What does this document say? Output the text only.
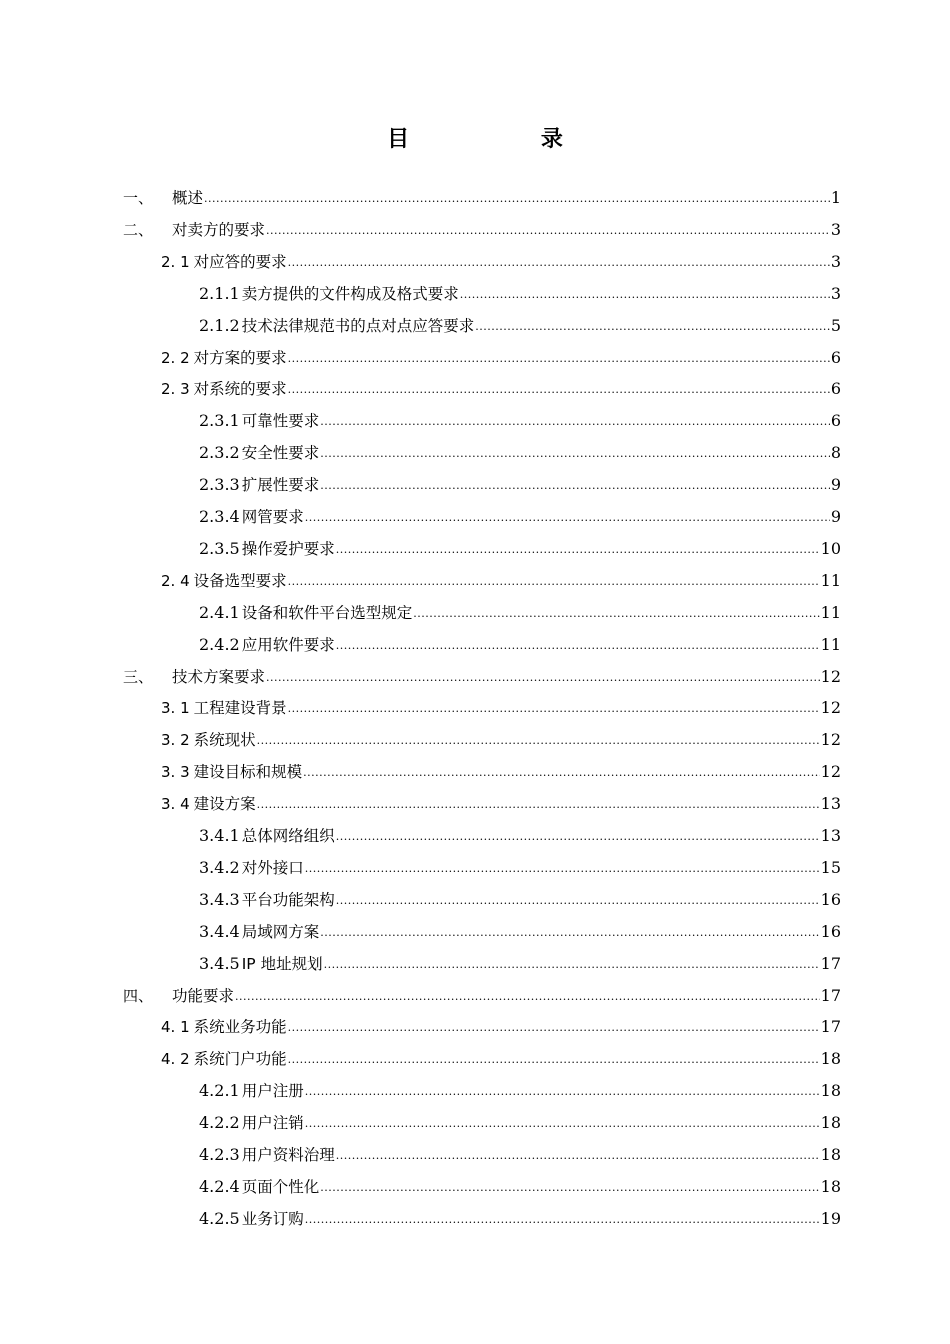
目 录
一、	概述 .....	1
二、	对卖方的要求 .....	3
2. 1 对应答的要求 .....	3
2.1.1 卖方提供的文件构成及格式要求 .....	3
2.1.2 技术法律规范书的点对点应答要求 .....	5
2. 2 对方案的要求 .....	6
2. 3 对系统的要求 .....	6
2.3.1 可靠性要求 .....	6
2.3.2 安全性要求 .....	8
2.3.3 扩展性要求 .....	9
2.3.4 网管要求 .....	9
2.3.5 操作爱护要求 .....	10
2. 4 设备选型要求 .....	11
2.4.1 设备和软件平台选型规定 .....	11
2.4.2 应用软件要求 .....	11
三、	技术方案要求 .....	12
3. 1 工程建设背景 .....	12
3. 2 系统现状 .....	12
3. 3 建设目标和规模 .....	12
3. 4 建设方案 .....	13
3.4.1 总体网络组织 .....	13
3.4.2 对外接口 .....	15
3.4.3 平台功能架构 .....	16
3.4.4 局域网方案 .....	16
3.4.5 IP 地址规划 .....	17
四、	功能要求 .....	17
4. 1 系统业务功能 .....	17
4. 2 系统门户功能 .....	18
4.2.1 用户注册 .....	18
4.2.2 用户注销 .....	18
4.2.3 用户资料治理 .....	18
4.2.4 页面个性化 .....	18
4.2.5 业务订购 .....	19
